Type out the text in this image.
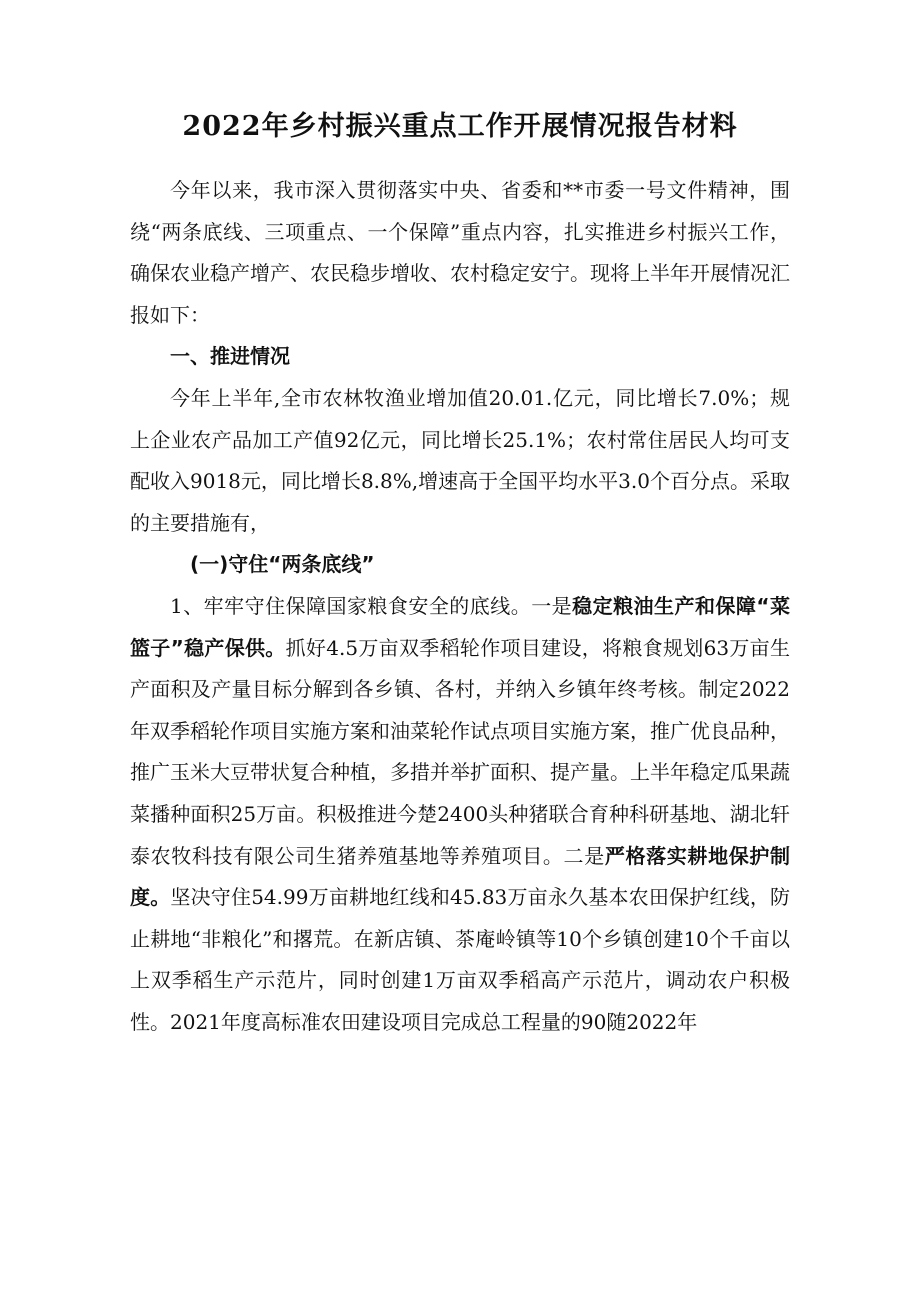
2022年乡村振兴重点工作开展情况报告材料

今年以来，我市深入贯彻落实中央、省委和**市委一号文件精神，围绕“两条底线、三项重点、一个保障”重点内容，扎实推进乡村振兴工作，确保农业稳产增产、农民稳步增收、农村稳定安宁。现将上半年开展情况汇报如下：

一、推进情况

今年上半年,全市农林牧渔业增加值20.01.亿元，同比增长7.0%；规上企业农产品加工产值92亿元，同比增长25.1%；农村常住居民人均可支配收入9018元，同比增长8.8%,增速高于全国平均水平3.0个百分点。采取的主要措施有，

(一)守住“两条底线”

1、牢牢守住保障国家粮食安全的底线。一是稳定粮油生产和保障“菜篮子”稳产保供。抓好4.5万亩双季稻轮作项目建设，将粮食规划63万亩生产面积及产量目标分解到各乡镇、各村，并纳入乡镇年终考核。制定2022年双季稻轮作项目实施方案和油菜轮作试点项目实施方案，推广优良品种，推广玉米大豆带状复合种植，多措并举扩面积、提产量。上半年稳定瓜果蔬菜播种面积25万亩。积极推进今楚2400头种猪联合育种科研基地、湖北轩泰农牧科技有限公司生猪养殖基地等养殖项目。二是严格落实耕地保护制度。坚决守住54.99万亩耕地红线和45.83万亩永久基本农田保护红线，防止耕地“非粮化”和撂荒。在新店镇、茶庵岭镇等10个乡镇创建10个千亩以上双季稻生产示范片，同时创建1万亩双季稻高产示范片，调动农户积极性。2021年度高标准农田建设项目完成总工程量的90随2022年
